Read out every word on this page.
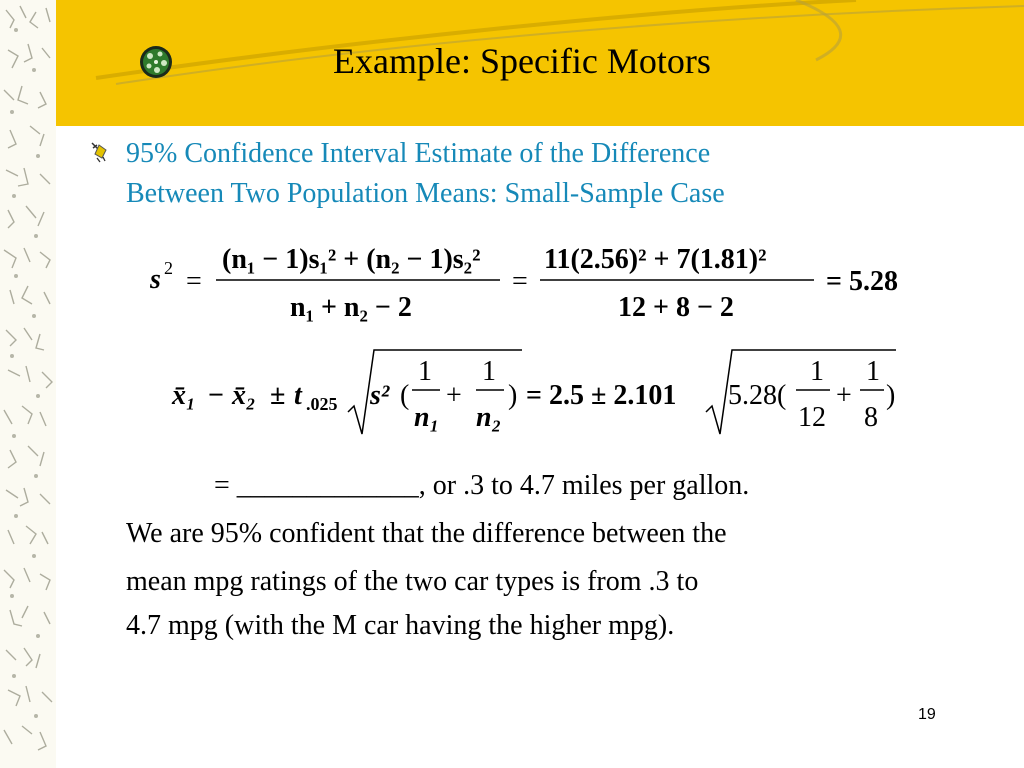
Example: Specific Motors
95% Confidence Interval Estimate of the Difference
Between Two Population Means: Small-Sample Case
s 2 =
(n₁ − 1)s₁² + (n₂ − 1)s₂²
n₁ + n₂ − 2
=
11(2.56)² + 7(1.81)²
12 + 8 − 2
= 5.28
x̄₁ − x̄₂ ± t .025 s² (
1
n₁
+
1
n₂
) = 2.5 ± 2.101 5.28(
1
12
+
1
8
)
= _____________, or .3 to 4.7 miles per gallon.
We are 95% confident that the difference between the
mean mpg ratings of the two car types is from .3 to
4.7 mpg (with the M car having the higher mpg).
19
